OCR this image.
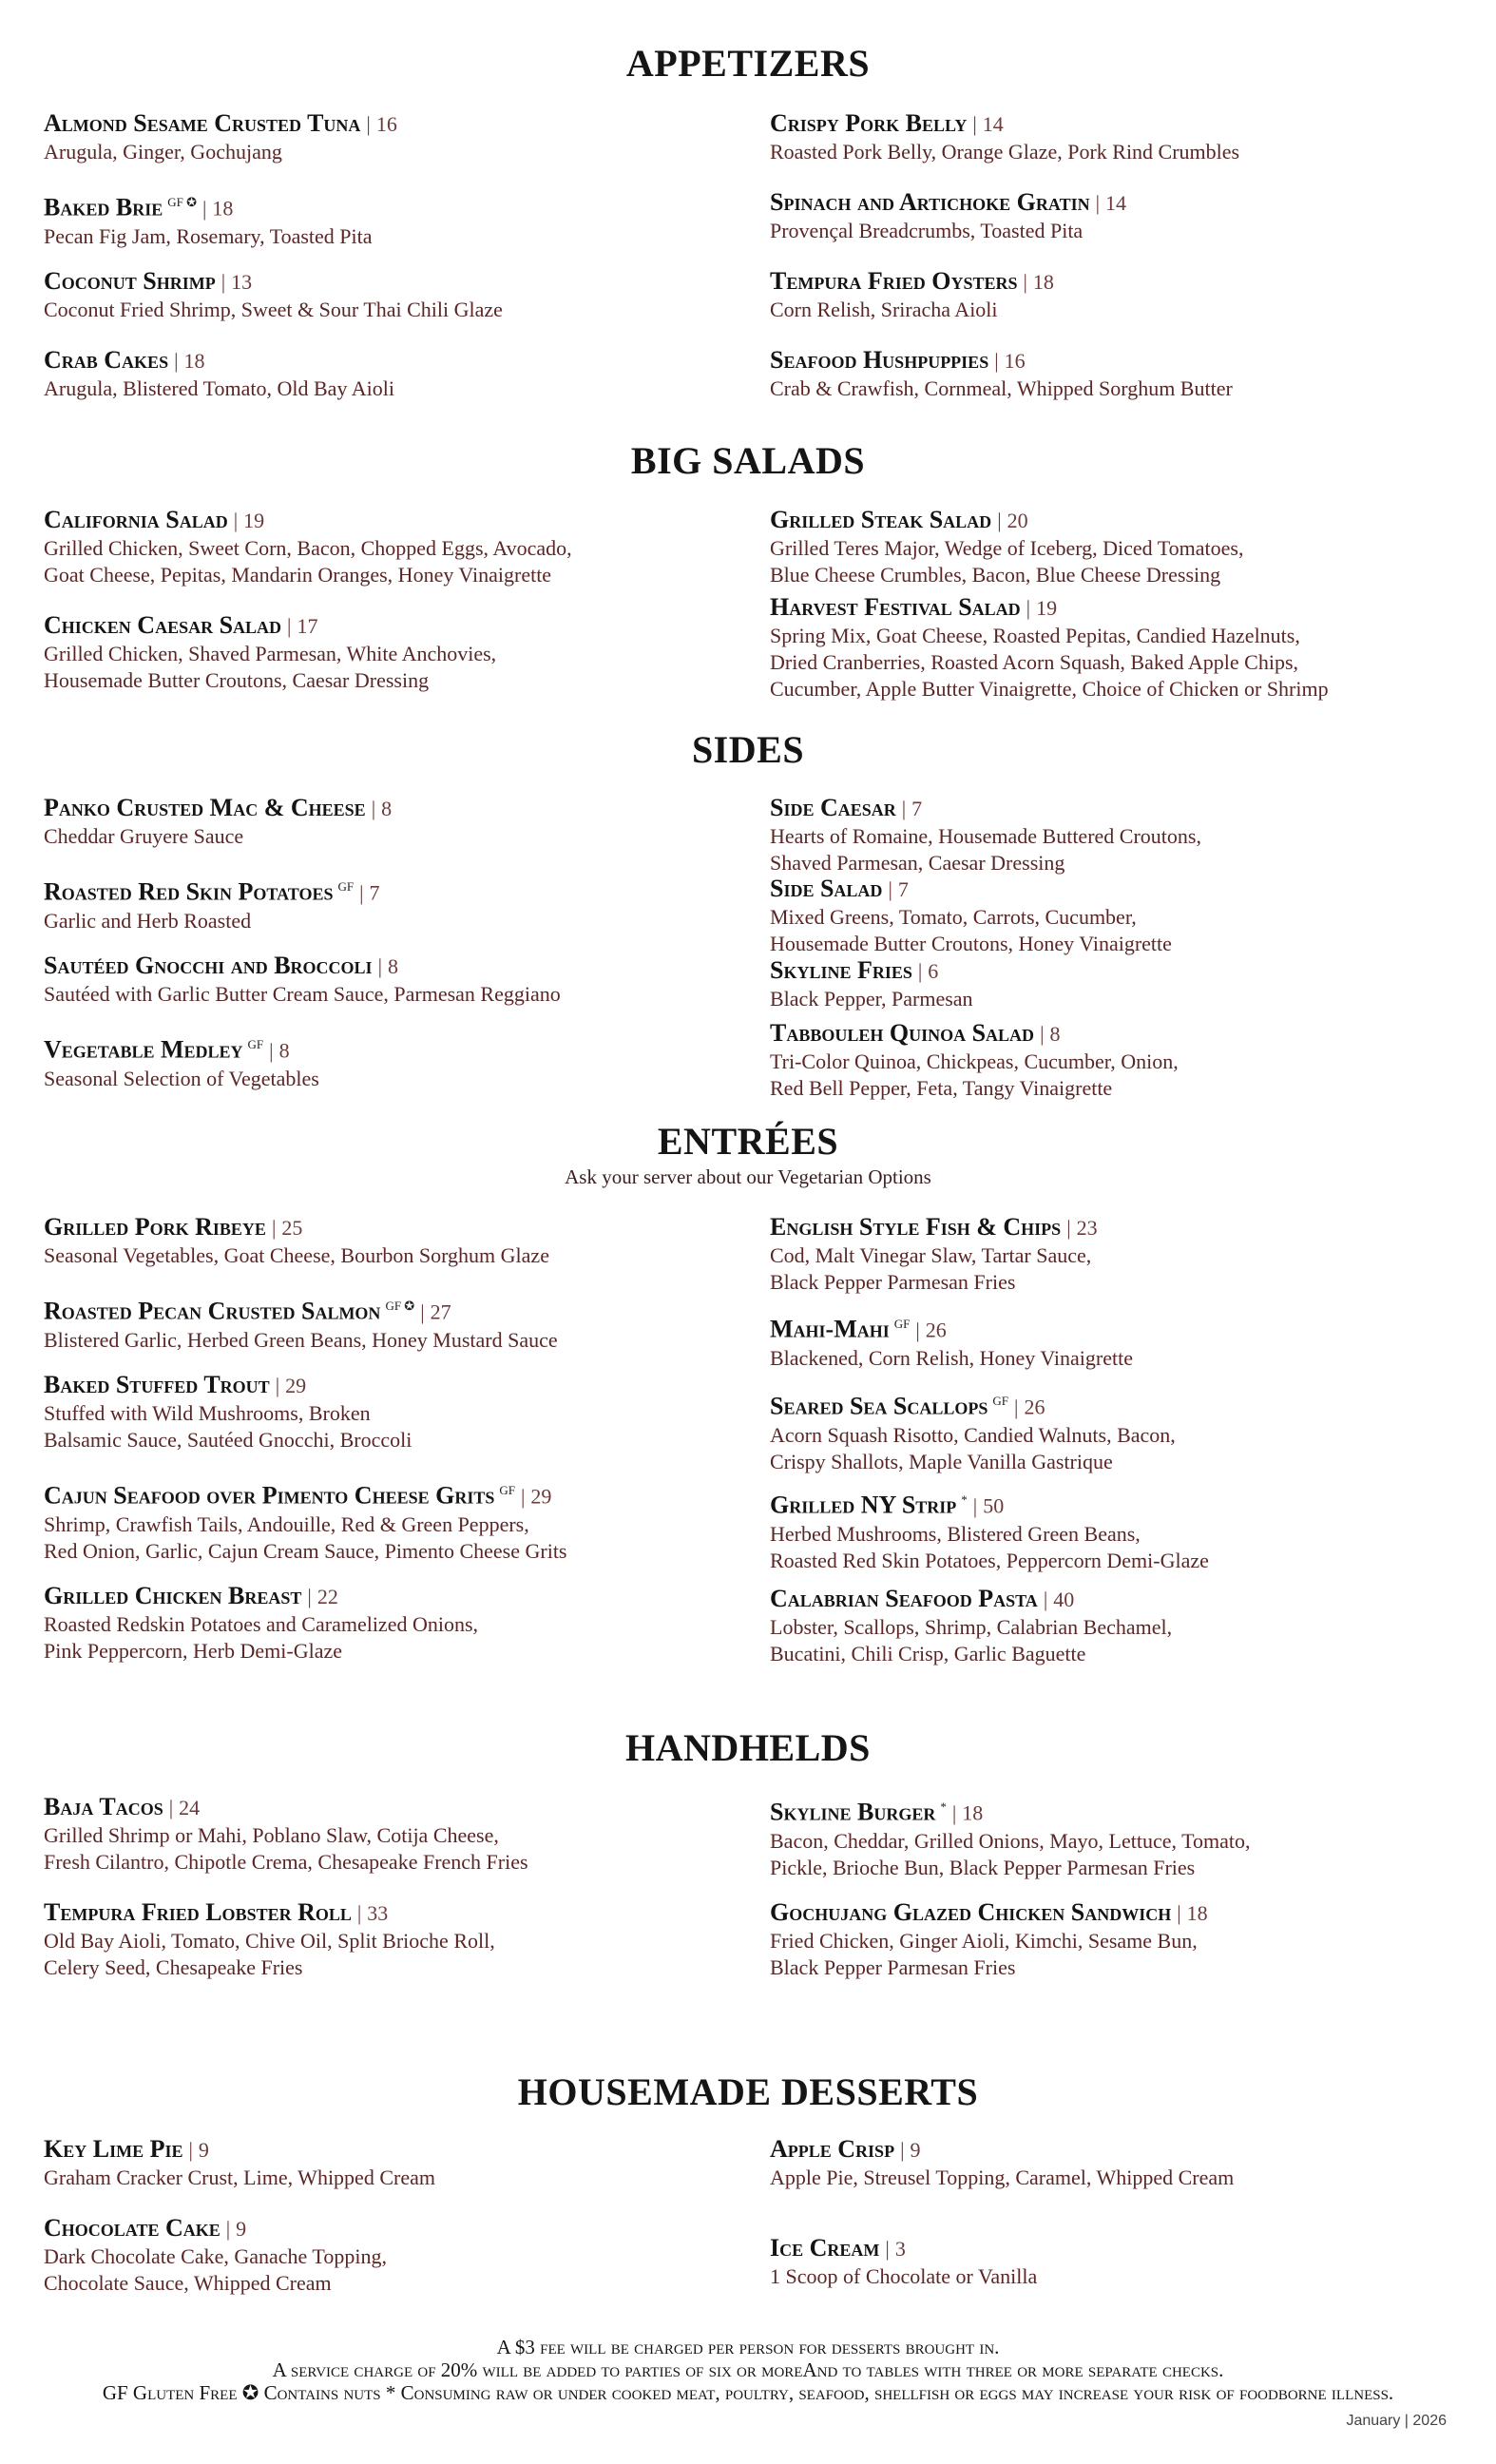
APPETIZERS
BIG SALADS
SIDES
ENTRÉES
Ask your server about our Vegetarian Options
HANDHELDS
HOUSEMADE DESSERTS
Almond Sesame Crusted Tuna | 16
Arugula, Ginger, Gochujang
Baked Brie $^{GF ✪}$ | 18
Pecan Fig Jam, Rosemary, Toasted Pita
Coconut Shrimp | 13
Coconut Fried Shrimp, Sweet & Sour Thai Chili Glaze
Crab Cakes | 18
Arugula, Blistered Tomato, Old Bay Aioli
Crispy Pork Belly | 14
Roasted Pork Belly, Orange Glaze, Pork Rind Crumbles
Spinach and Artichoke Gratin | 14
Provençal Breadcrumbs, Toasted Pita
Tempura Fried Oysters | 18
Corn Relish, Sriracha Aioli
Seafood Hushpuppies | 16
Crab & Crawfish, Cornmeal, Whipped Sorghum Butter
California Salad | 19
Grilled Chicken, Sweet Corn, Bacon, Chopped Eggs, Avocado,
Goat Cheese, Pepitas, Mandarin Oranges, Honey Vinaigrette
Chicken Caesar Salad | 17
Grilled Chicken, Shaved Parmesan, White Anchovies,
Housemade Butter Croutons, Caesar Dressing
Grilled Steak Salad | 20
Grilled Teres Major, Wedge of Iceberg, Diced Tomatoes,
Blue Cheese Crumbles, Bacon, Blue Cheese Dressing
Harvest Festival Salad | 19
Spring Mix, Goat Cheese, Roasted Pepitas, Candied Hazelnuts,
Dried Cranberries, Roasted Acorn Squash, Baked Apple Chips,
Cucumber, Apple Butter Vinaigrette, Choice of Chicken or Shrimp
Panko Crusted Mac & Cheese | 8
Cheddar Gruyere Sauce
Roasted Red Skin Potatoes $^{GF}$ | 7
Garlic and Herb Roasted
Sautéed Gnocchi and Broccoli | 8
Sautéed with Garlic Butter Cream Sauce, Parmesan Reggiano
Vegetable Medley $^{GF}$ | 8
Seasonal Selection of Vegetables
Side Caesar | 7
Hearts of Romaine, Housemade Buttered Croutons,
Shaved Parmesan, Caesar Dressing
Side Salad | 7
Mixed Greens, Tomato, Carrots, Cucumber,
Housemade Butter Croutons, Honey Vinaigrette
Skyline Fries | 6
Black Pepper, Parmesan
Tabbouleh Quinoa Salad | 8
Tri-Color Quinoa, Chickpeas, Cucumber, Onion,
Red Bell Pepper, Feta, Tangy Vinaigrette
Grilled Pork Ribeye | 25
Seasonal Vegetables, Goat Cheese, Bourbon Sorghum Glaze
Roasted Pecan Crusted Salmon $^{GF ✪}$ | 27
Blistered Garlic, Herbed Green Beans, Honey Mustard Sauce
Baked Stuffed Trout | 29
Stuffed with Wild Mushrooms, Broken
Balsamic Sauce, Sautéed Gnocchi, Broccoli
Cajun Seafood over Pimento Cheese Grits $^{GF}$ | 29
Shrimp, Crawfish Tails, Andouille, Red & Green Peppers,
Red Onion, Garlic, Cajun Cream Sauce, Pimento Cheese Grits
Grilled Chicken Breast | 22
Roasted Redskin Potatoes and Caramelized Onions,
Pink Peppercorn, Herb Demi-Glaze
English Style Fish & Chips | 23
Cod, Malt Vinegar Slaw, Tartar Sauce,
Black Pepper Parmesan Fries
Mahi-Mahi $^{GF}$ | 26
Blackened, Corn Relish, Honey Vinaigrette
Seared Sea Scallops $^{GF}$ | 26
Acorn Squash Risotto, Candied Walnuts, Bacon,
Crispy Shallots, Maple Vanilla Gastrique
Grilled NY Strip * | 50
Herbed Mushrooms, Blistered Green Beans,
Roasted Red Skin Potatoes, Peppercorn Demi-Glaze
Calabrian Seafood Pasta | 40
Lobster, Scallops, Shrimp, Calabrian Bechamel,
Bucatini, Chili Crisp, Garlic Baguette
Baja Tacos | 24
Grilled Shrimp or Mahi, Poblano Slaw, Cotija Cheese,
Fresh Cilantro, Chipotle Crema, Chesapeake French Fries
Tempura Fried Lobster Roll | 33
Old Bay Aioli, Tomato, Chive Oil, Split Brioche Roll,
Celery Seed, Chesapeake Fries
Skyline Burger * | 18
Bacon, Cheddar, Grilled Onions, Mayo, Lettuce, Tomato,
Pickle, Brioche Bun, Black Pepper Parmesan Fries
Gochujang Glazed Chicken Sandwich | 18
Fried Chicken, Ginger Aioli, Kimchi, Sesame Bun,
Black Pepper Parmesan Fries
Key Lime Pie | 9
Graham Cracker Crust, Lime, Whipped Cream
Chocolate Cake | 9
Dark Chocolate Cake, Ganache Topping,
Chocolate Sauce, Whipped Cream
Apple Crisp | 9
Apple Pie, Streusel Topping, Caramel, Whipped Cream
Ice Cream | 3
1 Scoop of Chocolate or Vanilla
A $3 fee will be charged per person for desserts brought in.
A service charge of 20% will be added to parties of six or moreAnd to tables with three or more separate checks.
GF Gluten Free ✪ Contains nuts * Consuming raw or under cooked meat, poultry, seafood, shellfish or eggs may increase your risk of foodborne illness.
January | 2026
